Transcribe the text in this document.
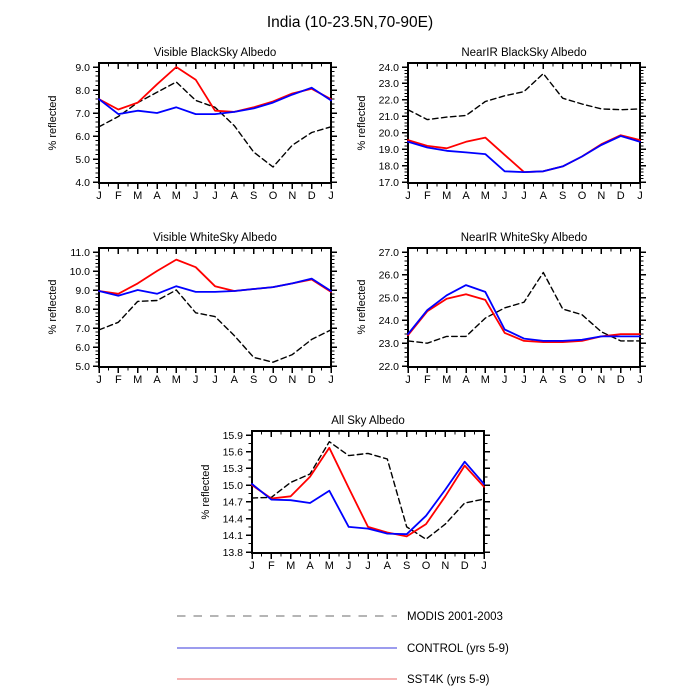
4.0
5.0
6.0
7.0
8.0
9.0
J F M A M J J A S O N D J
17.0
18.0
19.0
20.0
21.0
22.0
23.0
24.0
J F M A M J J A S O N D J
5.0
6.0
7.0
8.0
9.0
10.0
11.0
J F M A M J J A S O N D J
22.0
23.0
24.0
25.0
26.0
27.0
J F M A M J J A S O N D J
13.8
14.1
14.4
14.7
15.0
15.3
15.6
15.9
J F M A M J J A S O N D J
India (10-23.5N,70-90E)
Visible BlackSky Albedo	NearIR BlackSky Albedo
Visible WhiteSky Albedo	NearIR WhiteSky Albedo
All Sky Albedo
% reflected	% reflected
% reflected	% reflected
% reflected
MODIS 2001-2003
CONTROL (yrs 5-9)
SST4K (yrs 5-9)
